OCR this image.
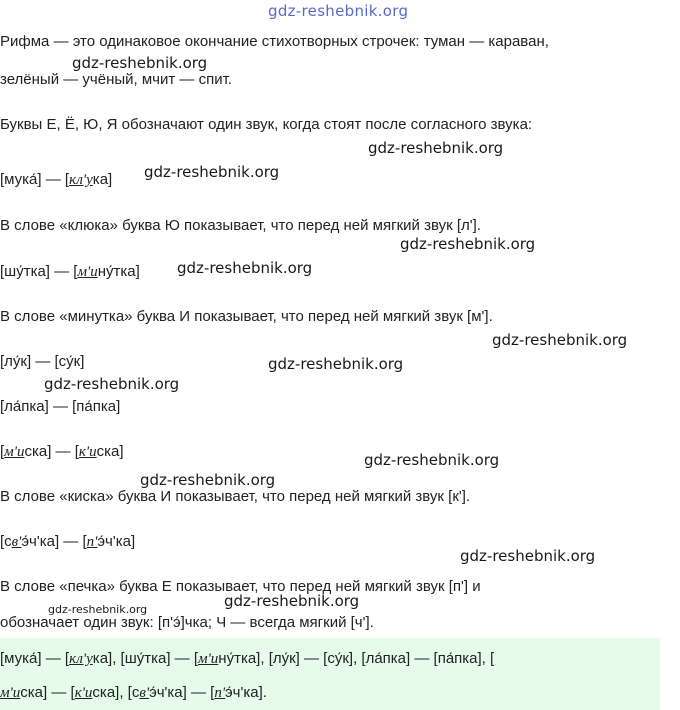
Рифма — это одинаковое окончание стихотворных строчек: туман — караван,
зелёный — учёный, мчит — спит.
Буквы Е, Ё, Ю, Я обозначают один звук, когда стоят после согласного звука:
[мука́] — [кл'ука]
В слове «клюка» буква Ю показывает, что перед ней мягкий звук [л'].
[шу́тка] — [м'ину́тка]
В слове «минутка» буква И показывает, что перед ней мягкий звук [м'].
[лу́к] — [су́к]
[ла́пка] — [па́пка]
[м'иска] — [к'иска]
В слове «киска» буква И показывает, что перед ней мягкий звук [к'].
[св'э́ч'ка] — [п'э́ч'ка]
В слове «печка» буква Е показывает, что перед ней мягкий звук [п'] и
обозначает один звук: [п'э́]чка; Ч — всегда мягкий [ч'].
[мука́] — [кл'ука], [шу́тка] — [м'ину́тка], [лу́к] — [су́к], [ла́пка] — [па́пка], [
м'иска] — [к'иска], [св'э́ч'ка] — [п'э́ч'ка].
gdz-reshebnik.org
gdz-reshebnik.org
gdz-reshebnik.org
gdz-reshebnik.org
gdz-reshebnik.org
gdz-reshebnik.org
gdz-reshebnik.org
gdz-reshebnik.org
gdz-reshebnik.org
gdz-reshebnik.org
gdz-reshebnik.org
gdz-reshebnik.org
gdz-reshebnik.org
gdz-reshebnik.org
